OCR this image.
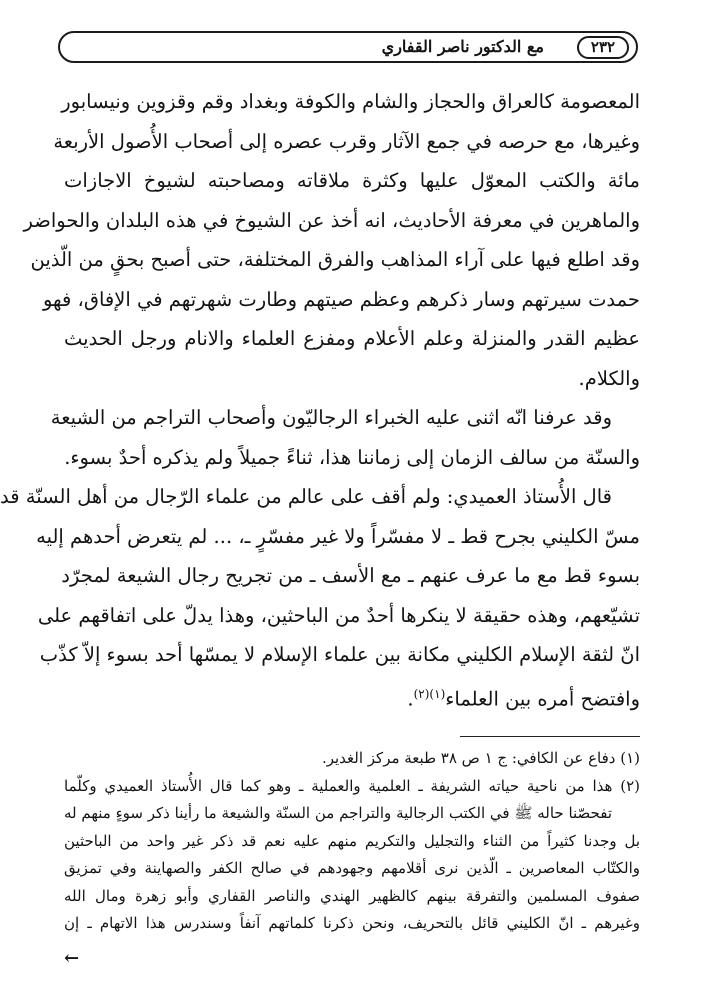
مع الدكتور ناصر القفاري	٢٣٢
المعصومة كالعراق والحجاز والشام والكوفة وبغداد وقم وقزوين ونيسابور
وغيرها، مع حرصه في جمع الآثار وقرب عصره إلى أصحاب الأُصول الأربعة
مائة والكتب المعوّل عليها وكثرة ملاقاته ومصاحبته لشيوخ الاجازات
والماهرين في معرفة الأحاديث، انه أخذ عن الشيوخ في هذه البلدان والحواضر
وقد اطلع فيها على آراء المذاهب والفرق المختلفة، حتى أصبح بحقٍ من الّذين
حمدت سيرتهم وسار ذكرهم وعظم صيتهم وطارت شهرتهم في الإفاق، فهو
عظيم القدر والمنزلة وعلم الأعلام ومفزع العلماء والانام ورجل الحديث
والكلام.
وقد عرفنا انّه اثنى عليه الخبراء الرجاليّون وأصحاب التراجم من الشيعة
والسنّة من سالف الزمان إلى زماننا هذا، ثناءً جميلاً ولم يذكره أحدٌ بسوء.
قال الأُستاذ العميدي: ولم أقف على عالم من علماء الرّجال من أهل السنّة قد
مسّ الكليني بجرح قط ـ لا مفسّراً ولا غير مفسّرٍ ـ، ... لم يتعرض أحدهم إليه
بسوء قط مع ما عرف عنهم ـ مع الأسف ـ من تجريح رجال الشيعة لمجرّد
تشيّعهم، وهذه حقيقة لا ينكرها أحدٌ من الباحثين، وهذا يدلّ على اتفاقهم على
انّ لثقة الإسلام الكليني مكانة بين علماء الإسلام لا يمسّها أحد بسوء إلاّ كذّب
وافتضح أمره بين العلماء$^{(١)(٢)}$.
(١) دفاع عن الكافي: ج ١ ص ٣٨ طبعة مركز الغدير.
(٢) هذا من ناحية حياته الشريفة ـ العلمية والعملية ـ وهو كما قال الأُستاذ العميدي وكلّما
تفحصّنا حاله ﷺ في الكتب الرجالية والتراجم من السنّة والشيعة ما رأينا ذكر سوءٍ منهم له
بل وجدنا كثيراً من الثناء والتجليل والتكريم منهم عليه نعم قد ذكر غير واحد من الباحثين
والكتّاب المعاصرين ـ الّذين نرى أقلامهم وجهودهم في صالح الكفر والصهاينة وفي تمزيق
صفوف المسلمين والتفرقة بينهم كالظهير الهندي والناصر القفاري وأبو زهرة ومال الله
وغيرهم ـ انّ الكليني قائل بالتحريف، ونحن ذكرنا كلماتهم آنفاً وسندرس هذا الاتهام ـ إن
←
